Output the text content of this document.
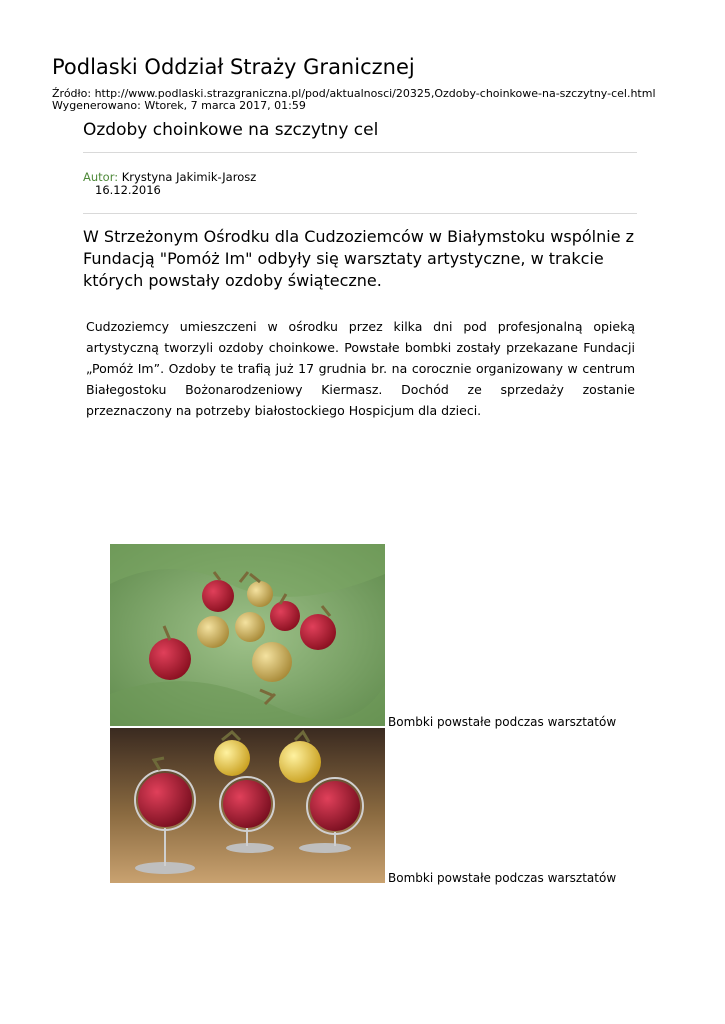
Podlaski Oddział Straży Granicznej
Źródło: http://www.podlaski.strazgraniczna.pl/pod/aktualnosci/20325,Ozdoby-choinkowe-na-szczytny-cel.html
Wygenerowano: Wtorek, 7 marca 2017, 01:59
Ozdoby choinkowe na szczytny cel
Autor: Krystyna Jakimik-Jarosz
16.12.2016
W Strzeżonym Ośrodku dla Cudzoziemców w Białymstoku wspólnie z Fundacją "Pomóż Im" odbyły się warsztaty artystyczne, w trakcie których powstały ozdoby świąteczne.
Cudzoziemcy umieszczeni w ośrodku przez kilka dni pod profesjonalną opieką artystyczną tworzyli ozdoby choinkowe. Powstałe bombki zostały przekazane Fundacji „Pomóż Im”. Ozdoby te trafią już 17 grudnia br. na corocznie organizowany w centrum Białegostoku Bożonarodzeniowy Kiermasz. Dochód ze sprzedaży zostanie przeznaczony na potrzeby białostockiego Hospicjum dla dzieci.
Bombki powstałe podczas warsztatów
Bombki powstałe podczas warsztatów
